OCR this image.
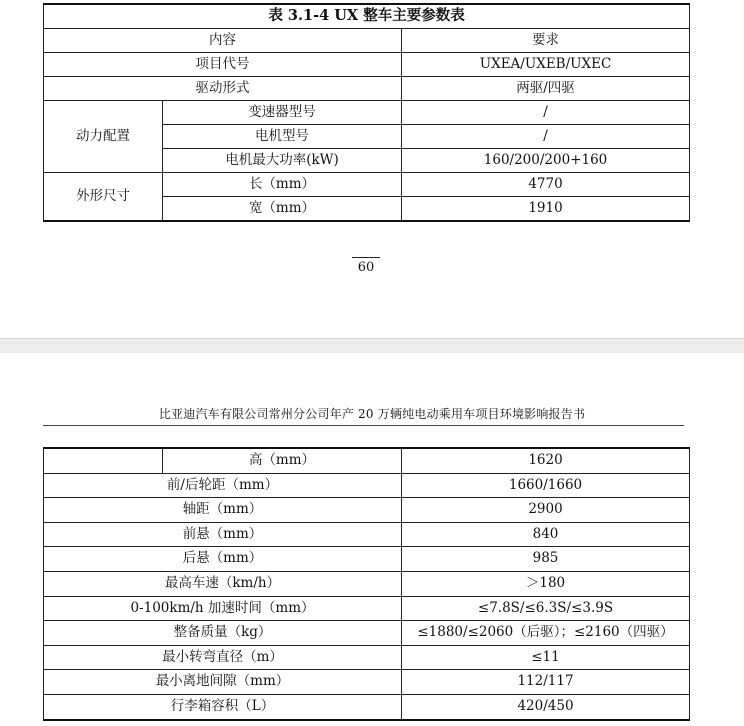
表 3.1-4 UX 整车主要参数表		
内容		要求
项目代号		UXEA/UXEB/UXEC
驱动形式		两驱/四驱
动力配置	变速器型号	/
	电机型号	/
	电机最大功率(kW)	160/200/200+160
外形尺寸	长（mm）	4770
	宽（mm）	1910
60
比亚迪汽车有限公司常州分公司年产 20 万辆纯电动乘用车项目环境影响报告书
	高（mm）	1620
前/后轮距（mm）		1660/1660
轴距（mm）		2900
前悬（mm）		840
后悬（mm）		985
最高车速（km/h）		＞180
0-100km/h 加速时间（mm）		≤7.8S/≤6.3S/≤3.9S
整备质量（kg）		≤1880/≤2060（后驱）；≤2160（四驱）
最小转弯直径（m）		≤11
最小离地间隙（mm）		112/117
行李箱容积（L）		420/450
